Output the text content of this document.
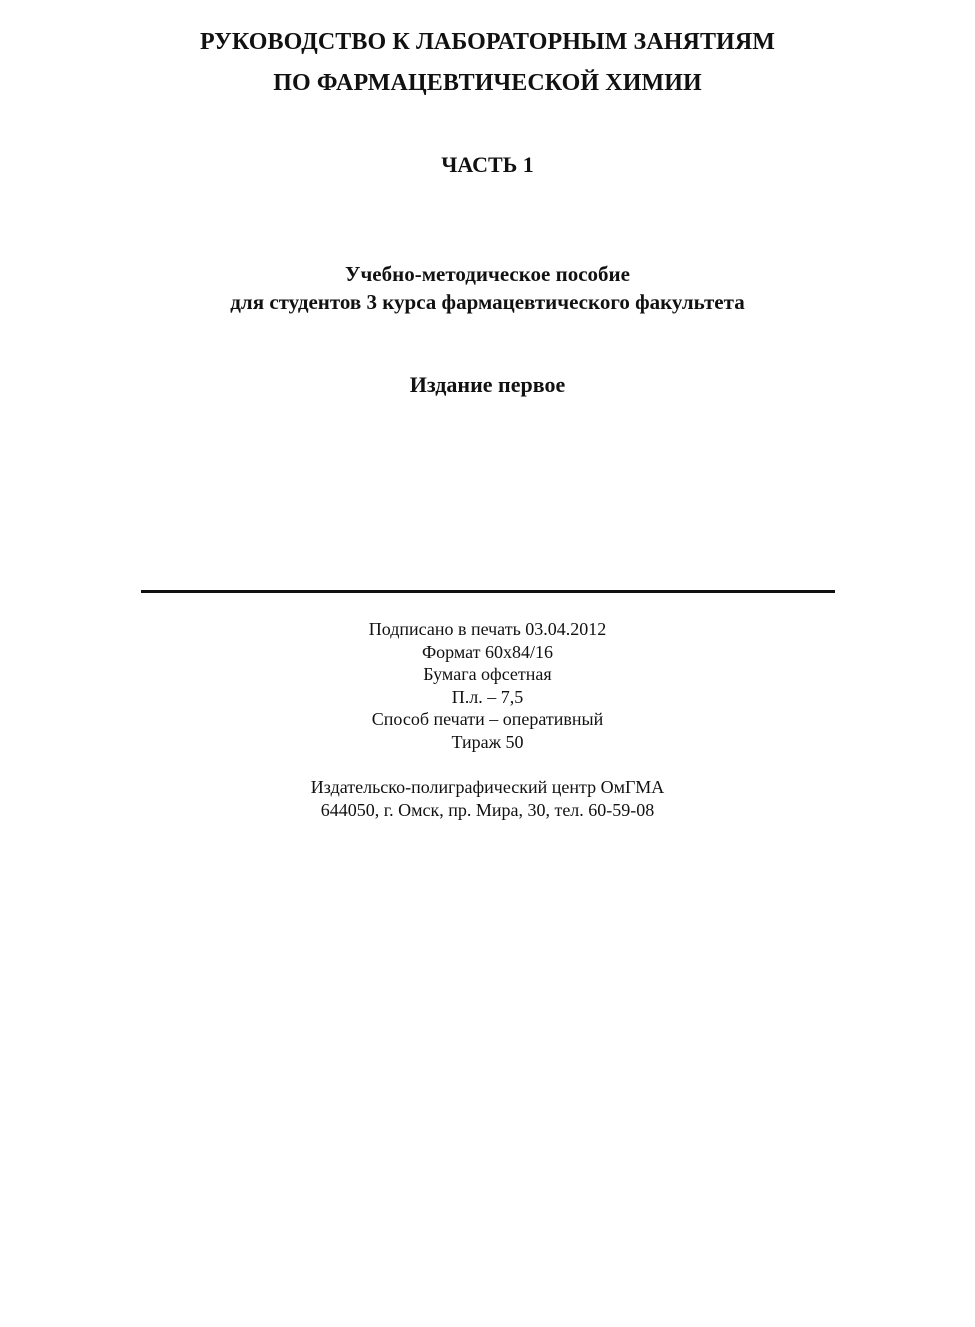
РУКОВОДСТВО К ЛАБОРАТОРНЫМ ЗАНЯТИЯМ
ПО ФАРМАЦЕВТИЧЕСКОЙ ХИМИИ
ЧАСТЬ 1
Учебно-методическое пособие
для студентов 3 курса фармацевтического факультета
Издание первое
Подписано в печать 03.04.2012
Формат 60x84/16
Бумага офсетная
П.л. – 7,5
Способ печати – оперативный
Тираж 50
Издательско-полиграфический центр ОмГМА
644050, г. Омск, пр. Мира, 30, тел. 60-59-08
